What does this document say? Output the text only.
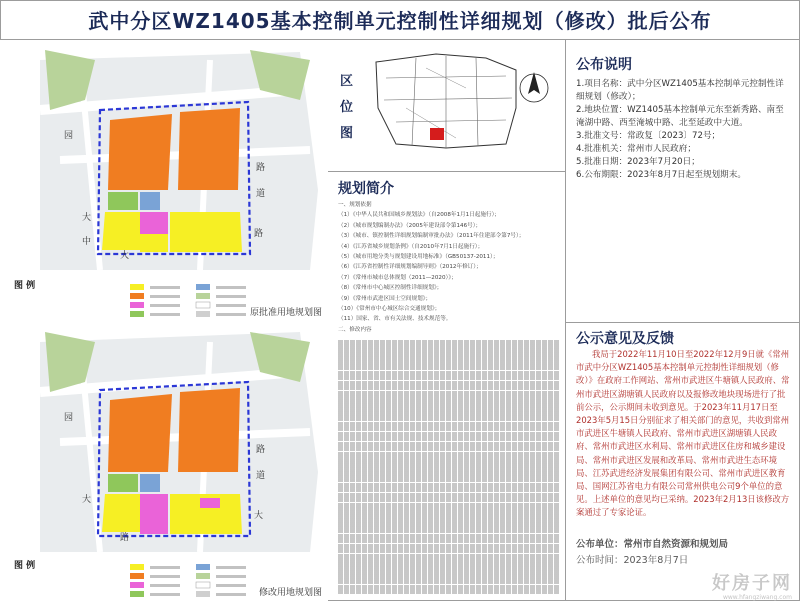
武中分区WZ1405基本控制单元控制性详细规划（修改）批后公布
园
大
中
路
道
路
大
图 例
原批准用地规划图
园
大
路
道
大
路
图 例
修改用地规划图
区
位
图
规划简介

一、规划依据

（1）《中华人民共和国城乡规划法》（自2008年1月1日起施行）；

（2）《城市规划编制办法》（2005年建设部令第146号）；

（3）《城市、镇控制性详细规划编制审批办法》（2011年住建部令第7号）；

（4）《江苏省城乡规划条例》（自2010年7月1日起施行）；

（5）《城市用地分类与规划建设用地标准》（GB50137-2011）；

（6）《江苏省控制性详细规划编制导则》（2012年修订）；

（7）《常州市城市总体规划（2011—2020）》；

（8）《常州市中心城区控制性详细规划》；

（9）《常州市武进区国土空间规划》；

（10）《常州市中心城区综合交通规划》；

（11）国家、省、市有关法规、技术规范等。

二、修改内容

公布说明
1.项目名称：武中分区WZ1405基本控制单元控制性详细规划（修改）；
2.地块位置：WZ1405基本控制单元东至新秀路、南至淹湖中路、西至淹城中路、北至延政中大道。
3.批准文号：常政复〔2023〕72号；
4.批准机关：常州市人民政府；
5.批准日期：2023年7月20日；
6.公布期限：2023年8月7日起至规划期末。
公示意见及反馈
我局于2022年11月10日至2022年12月9日就《常州市武中分区WZ1405基本控制单元控制性详细规划（修改）》在政府工作网站、常州市武进区牛塘镇人民政府、常州市武进区湖塘镇人民政府以及报修改地块现场进行了批前公示，公示期间未收到意见。于2023年11月17日至2023年5月15日分别征求了相关部门的意见，共收到常州市武进区牛塘镇人民政府、常州市武进区湖塘镇人民政府、常州市武进区水利局、常州市武进区住房和城乡建设局、常州市武进区发展和改革局、常州市武进生态环境局、江苏武进经济发展集团有限公司、常州市武进区教育局、国网江苏省电力有限公司常州供电公司9个单位的意见。上述单位的意见均已采纳。2023年2月13日该修改方案通过了专家论证。
公布单位：常州市自然资源和规划局
公布时间：2023年8月7日
好房子网
www.hfangziwang.com
